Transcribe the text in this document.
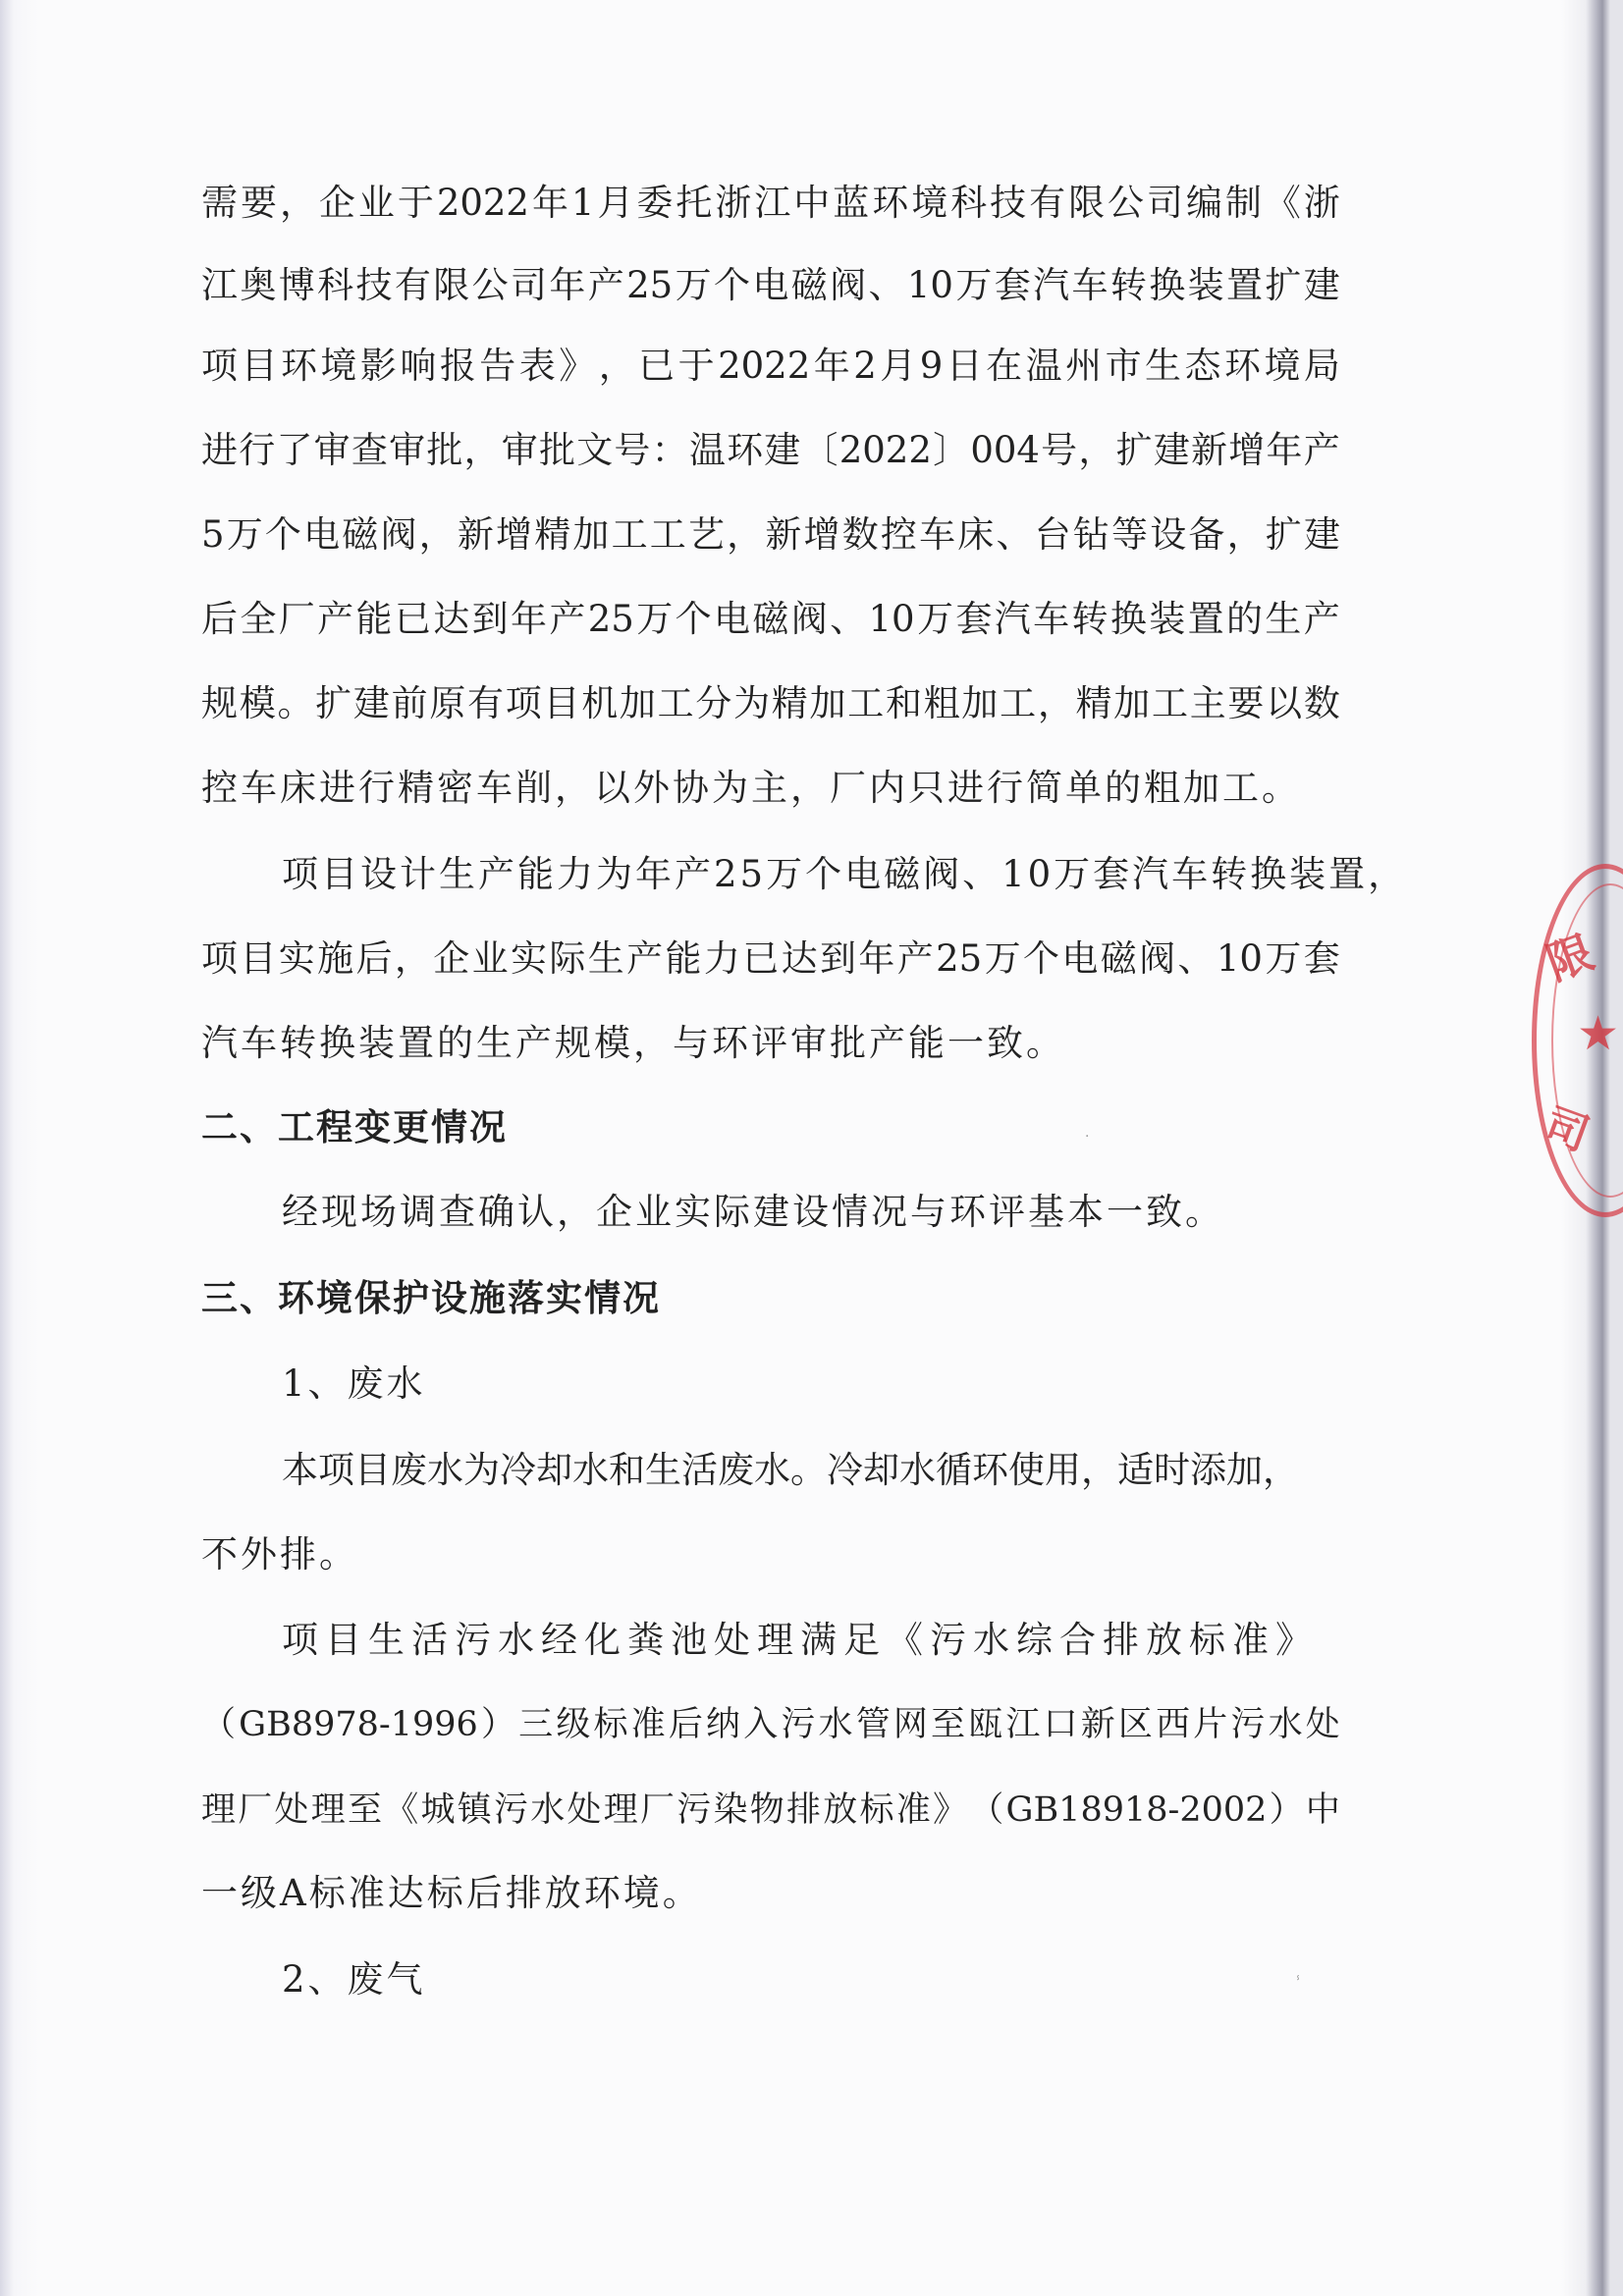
需 要 ， 企 业 于 2022 年 1 月 委 托 浙 江 中 蓝 环 境 科 技 有 限 公 司 编 制 《 浙
江 奥 博 科 技 有 限 公 司 年 产 25 万 个 电 磁 阀 、 10 万 套 汽 车 转 换 装 置 扩 建
项 目 环 境 影 响 报 告 表 》 ， 已 于 2022 年 2 月 9 日 在 温 州 市 生 态 环 境 局
进 行 了 审 查 审 批 ， 审 批 文 号 ： 温 环 建 〔 2022 〕 004 号 ， 扩 建 新 增 年 产
5 万 个 电 磁 阀 ， 新 增 精 加 工 工 艺 ， 新 增 数 控 车 床 、 台 钻 等 设 备 ， 扩 建
后 全 厂 产 能 已 达 到 年 产 25 万 个 电 磁 阀 、 10 万 套 汽 车 转 换 装 置 的 生 产
规 模 。 扩 建 前 原 有 项 目 机 加 工 分 为 精 加 工 和 粗 加 工 ， 精 加 工 主 要 以 数
控车床进行精密车削，以外协为主，厂内只进行简单的粗加工。
项目设计生产能力为年产25万个电磁阀、10万套汽车转换装置，
项 目 实 施 后 ， 企 业 实 际 生 产 能 力 已 达 到 年 产 25 万 个 电 磁 阀 、 10 万 套
汽车转换装置的生产规模，与环评审批产能一致。
二、工程变更情况
经现场调查确认，企业实际建设情况与环评基本一致。
三、环境保护设施落实情况
1、废水
本项目废水为冷却水和生活废水。冷却水循环使用，适时添加，
不外排。
项目生活污水经化粪池处理满足《污水综合排放标准》
（ GB8978-1996 ） 三 级 标 准 后 纳 入 污 水 管 网 至 瓯 江 口 新 区 西 片 污 水 处
理 厂 处 理 至 《 城 镇 污 水 处 理 厂 污 染 物 排 放 标 准 》 （ GB18918-2002 ） 中
一级A标准达标后排放环境。
2、废气
限
司
★
·
ⸯ
